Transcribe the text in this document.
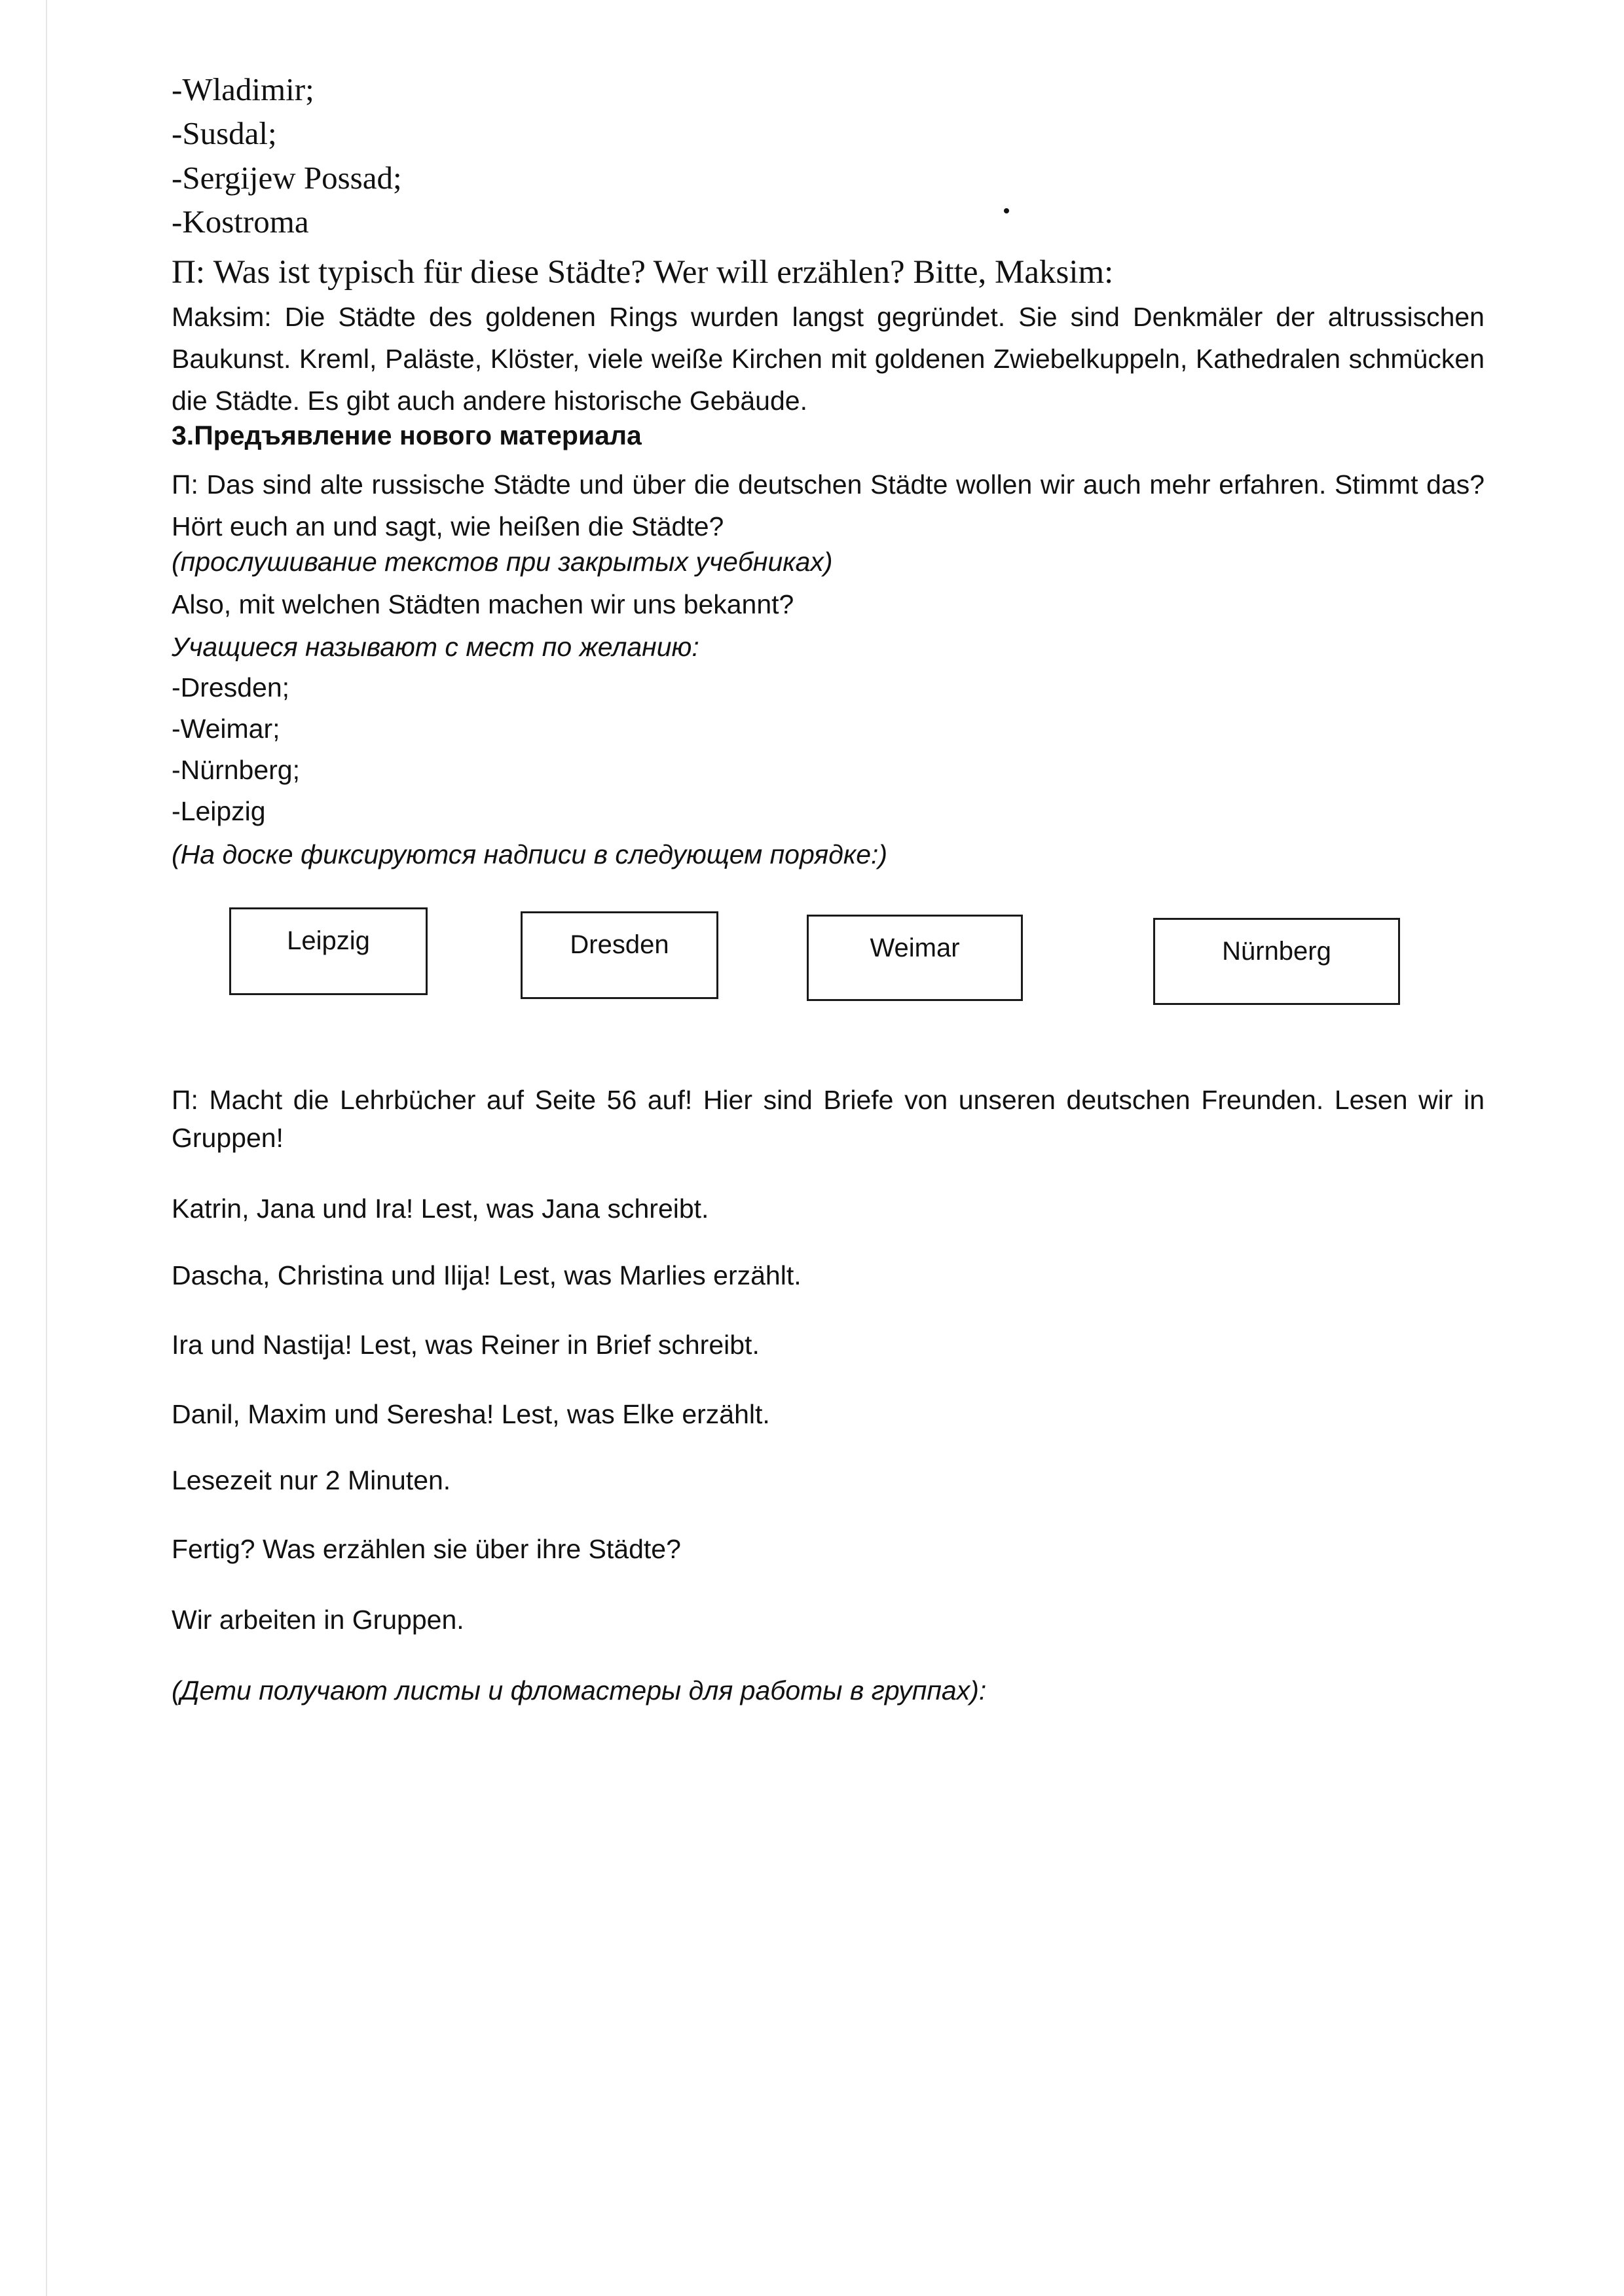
-Wladimir;
-Susdal;
-Sergijew Possad;
-Kostroma
П: Was ist typisch für diese Städte? Wer will erzählen? Bitte, Maksim:
Maksim: Die Städte des goldenen Rings wurden langst gegründet. Sie sind Denkmäler der altrussischen Baukunst. Kreml, Paläste, Klöster, viele weiße Kirchen mit goldenen Zwiebelkuppeln, Kathedralen schmücken die Städte. Es gibt auch andere historische Gebäude.
3.Предъявление нового материала
П: Das sind alte russische Städte und über die deutschen Städte wollen wir auch mehr erfahren. Stimmt das? Hört euch an und sagt, wie heißen die Städte?
(прослушивание текстов при закрытых учебниках)
Also, mit welchen Städten machen wir uns bekannt?
Учащиеся называют с мест по желанию:
-Dresden;
-Weimar;
-Nürnberg;
-Leipzig
(На доске фиксируются надписи в следующем порядке:)
Leipzig	Dresden	Weimar	Nürnberg
П: Macht die Lehrbücher auf Seite 56 auf! Hier sind Briefe von unseren deutschen Freunden. Lesen wir in Gruppen!
Katrin, Jana und Ira! Lest, was Jana schreibt.
Dascha, Christina und Ilija! Lest, was Marlies erzählt.
Ira und Nastija! Lest, was Reiner in Brief schreibt.
Danil, Maxim und Seresha! Lest, was Elke erzählt.
Lesezeit nur 2 Minuten.
Fertig? Was erzählen sie über ihre Städte?
Wir arbeiten in Gruppen.
(Дети получают листы и фломастеры для работы в группах):
